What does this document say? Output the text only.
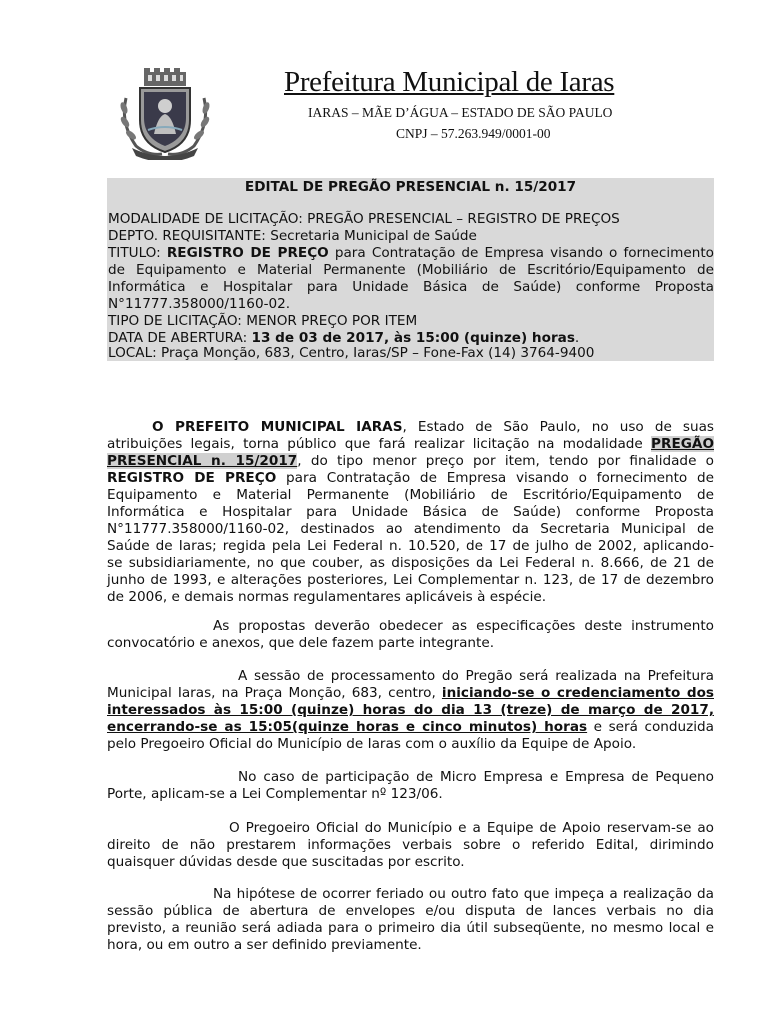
Prefeitura Municipal de Iaras
IARAS – MÃE D’ÁGUA – ESTADO DE SÃO PAULO
CNPJ – 57.263.949/0001-00
EDITAL DE PREGÃO PRESENCIAL n. 15/2017
MODALIDADE DE LICITAÇÃO: PREGÃO PRESENCIAL – REGISTRO DE PREÇOS
DEPTO. REQUISITANTE: Secretaria Municipal de Saúde
TITULO: REGISTRO DE PREÇO para Contratação de Empresa visando o fornecimento
de Equipamento e Material Permanente (Mobiliário de Escritório/Equipamento de
Informática e Hospitalar para Unidade Básica de Saúde) conforme Proposta
N°11777.358000/1160-02.
TIPO DE LICITAÇÃO: MENOR PREÇO POR ITEM
DATA DE ABERTURA: 13 de 03 de 2017, às 15:00 (quinze) horas.
LOCAL: Praça Monção, 683, Centro, Iaras/SP – Fone-Fax (14) 3764-9400
O PREFEITO MUNICIPAL IARAS, Estado de São Paulo, no uso de suas
atribuições legais, torna público que fará realizar licitação na modalidade PREGÃO
PRESENCIAL n. 15/2017, do tipo menor preço por item, tendo por finalidade o
REGISTRO DE PREÇO para Contratação de Empresa visando o fornecimento de
Equipamento e Material Permanente (Mobiliário de Escritório/Equipamento de
Informática e Hospitalar para Unidade Básica de Saúde) conforme Proposta
N°11777.358000/1160-02, destinados ao atendimento da Secretaria Municipal de
Saúde de Iaras; regida pela Lei Federal n. 10.520, de 17 de julho de 2002, aplicando-
se subsidiariamente, no que couber, as disposições da Lei Federal n. 8.666, de 21 de
junho de 1993, e alterações posteriores, Lei Complementar n. 123, de 17 de dezembro
de 2006, e demais normas regulamentares aplicáveis à espécie.
As propostas deverão obedecer as especificações deste instrumento
convocatório e anexos, que dele fazem parte integrante.
A sessão de processamento do Pregão será realizada na Prefeitura
Municipal Iaras, na Praça Monção, 683, centro, iniciando-se o credenciamento dos
interessados às 15:00 (quinze) horas do dia 13 (treze) de março de 2017,
encerrando-se as 15:05(quinze horas e cinco minutos) horas e será conduzida
pelo Pregoeiro Oficial do Município de Iaras com o auxílio da Equipe de Apoio.
No caso de participação de Micro Empresa e Empresa de Pequeno
Porte, aplicam-se a Lei Complementar nº 123/06.
O Pregoeiro Oficial do Município e a Equipe de Apoio reservam-se ao
direito de não prestarem informações verbais sobre o referido Edital, dirimindo
quaisquer dúvidas desde que suscitadas por escrito.
Na hipótese de ocorrer feriado ou outro fato que impeça a realização da
sessão pública de abertura de envelopes e/ou disputa de lances verbais no dia
previsto, a reunião será adiada para o primeiro dia útil subseqüente, no mesmo local e
hora, ou em outro a ser definido previamente.
